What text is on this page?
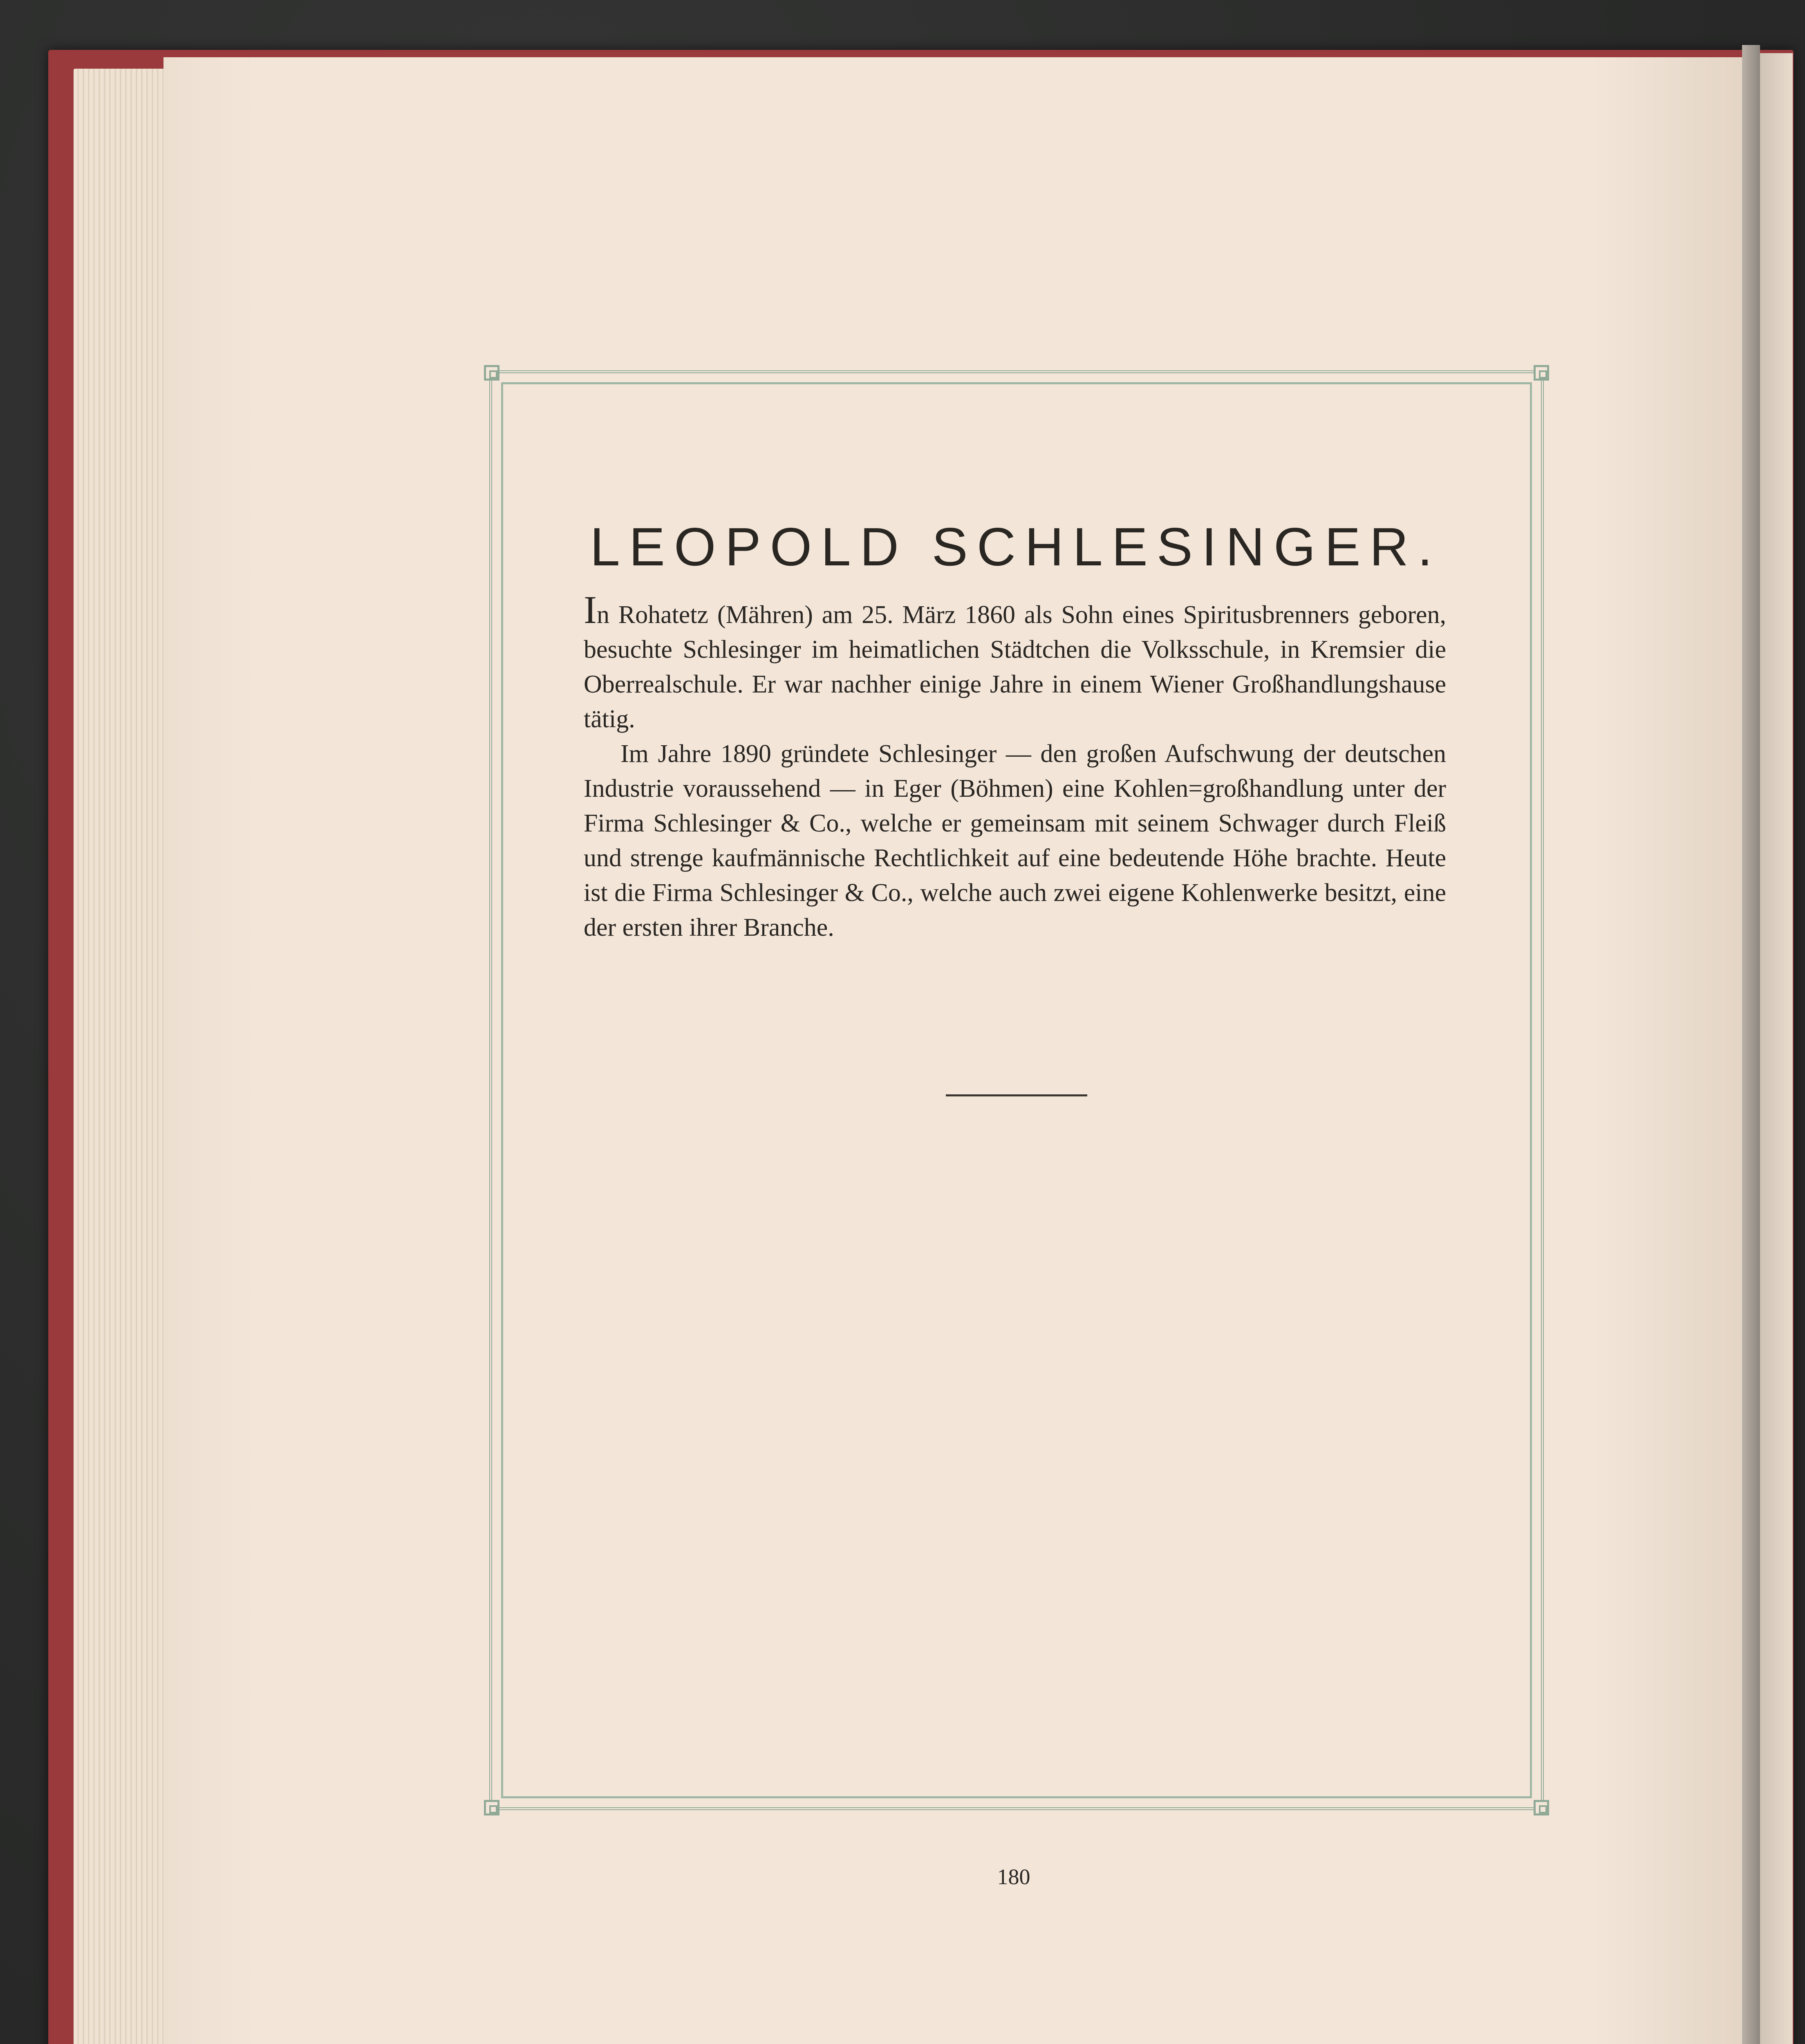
LEOPOLD SCHLESINGER.

In Rohatetz (Mähren) am 25. März 1860 als Sohn eines Spiritusbrenners geboren, besuchte Schlesinger im heimatlichen Städtchen die Volksschule, in Kremsier die Oberrealschule. Er war nachher einige Jahre in einem Wiener Großhandlungshause tätig.

Im Jahre 1890 gründete Schlesinger — den großen Aufschwung der deutschen Industrie voraussehend — in Eger (Böhmen) eine Kohlen=großhandlung unter der Firma Schlesinger & Co., welche er gemeinsam mit seinem Schwager durch Fleiß und strenge kaufmännische Rechtlichkeit auf eine bedeutende Höhe brachte. Heute ist die Firma Schlesinger & Co., welche auch zwei eigene Kohlenwerke besitzt, eine der ersten ihrer Branche.

180
